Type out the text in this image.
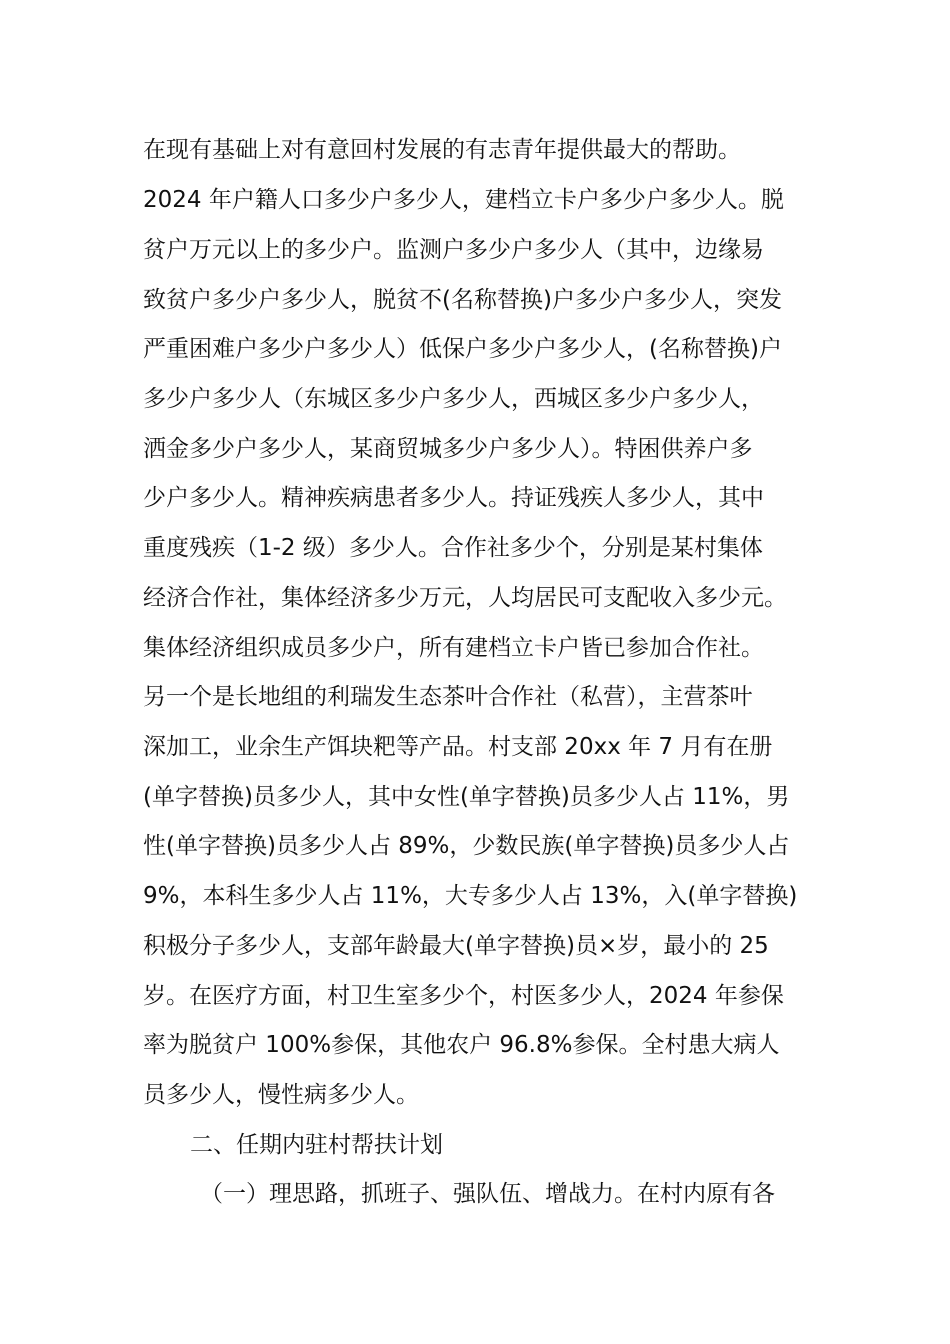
在现有基础上对有意回村发展的有志青年提供最大的帮助。
2024 年户籍人口多少户多少人，建档立卡户多少户多少人。脱
贫户万元以上的多少户。监测户多少户多少人（其中，边缘易
致贫户多少户多少人，脱贫不(名称替换)户多少户多少人，突发
严重困难户多少户多少人）低保户多少户多少人，(名称替换)户
多少户多少人（东城区多少户多少人，西城区多少户多少人，
洒金多少户多少人，某商贸城多少户多少人）。特困供养户多
少户多少人。精神疾病患者多少人。持证残疾人多少人，其中
重度残疾（1-2 级）多少人。合作社多少个，分别是某村集体
经济合作社，集体经济多少万元，人均居民可支配收入多少元。
集体经济组织成员多少户，所有建档立卡户皆已参加合作社。
另一个是长地组的利瑞发生态茶叶合作社（私营），主营茶叶
深加工，业余生产饵块粑等产品。村支部 20xx 年 7 月有在册
(单字替换)员多少人，其中女性(单字替换)员多少人占 11%，男
性(单字替换)员多少人占 89%，少数民族(单字替换)员多少人占
9%，本科生多少人占 11%，大专多少人占 13%，入(单字替换)
积极分子多少人，支部年龄最大(单字替换)员×岁，最小的 25
岁。在医疗方面，村卫生室多少个，村医多少人，2024 年参保
率为脱贫户 100%参保，其他农户 96.8%参保。全村患大病人
员多少人，慢性病多少人。
二、任期内驻村帮扶计划
（一）理思路，抓班子、强队伍、增战力。在村内原有各
